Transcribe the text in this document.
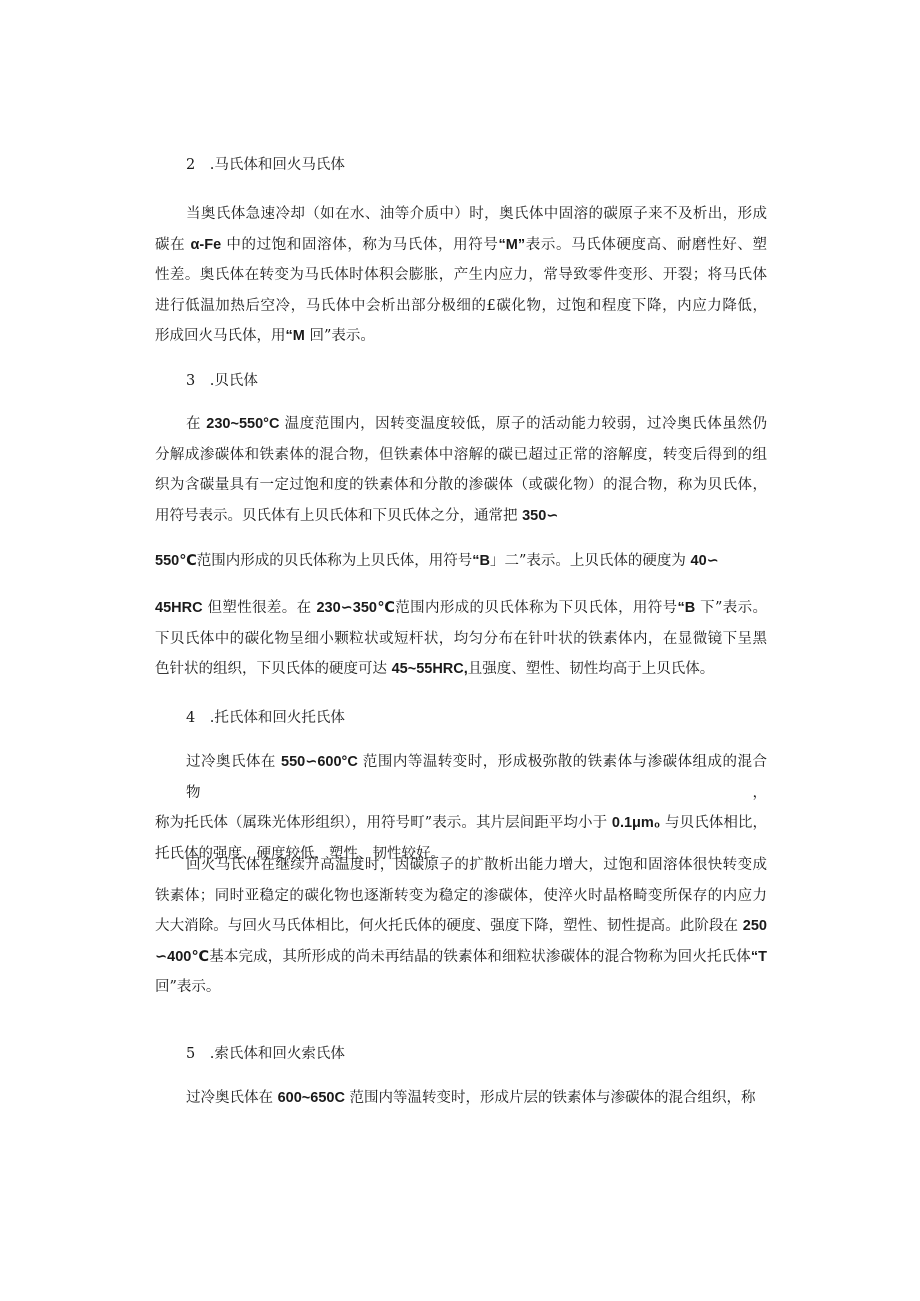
2　.马氏体和回火马氏体
当奥氏体急速冷却（如在水、油等介质中）时，奥氏体中固溶的碳原子来不及析出，形成
碳在 α-Fe 中的过饱和固溶体，称为马氏体，用符号“M”表示。马氏体硬度高、耐磨性好、塑
性差。奥氏体在转变为马氏体时体积会膨胀，产生内应力，常导致零件变形、开裂；将马氏体
进行低温加热后空冷，马氏体中会析出部分极细的£碳化物，过饱和程度下降，内应力降低，
形成回火马氏体，用“M 回”表示。
3　.贝氏体
在 230~550°C 温度范围内，因转变温度较低，原子的活动能力较弱，过冷奥氏体虽然仍
分解成渗碳体和铁素体的混合物，但铁素体中溶解的碳已超过正常的溶解度，转变后得到的组
织为含碳量具有一定过饱和度的铁素体和分散的渗碳体（或碳化物）的混合物，称为贝氏体，
用符号表示。贝氏体有上贝氏体和下贝氏体之分，通常把 350∽
550℃范围内形成的贝氏体称为上贝氏体，用符号“B」二”表示。上贝氏体的硬度为 40∽
45HRC 但塑性很差。在 230∽350℃范围内形成的贝氏体称为下贝氏体，用符号“B 下”表示。
下贝氏体中的碳化物呈细小颗粒状或短杆状，均匀分布在针叶状的铁素体内，在显微镜下呈黑
色针状的组织，下贝氏体的硬度可达 45~55HRC,且强度、塑性、韧性均高于上贝氏体。
4　.托氏体和回火托氏体
过冷奥氏体在 550∽600°C 范围内等温转变时，形成极弥散的铁素体与渗碳体组成的混合物，
称为托氏体（属珠光体形组织），用符号町”表示。其片层间距平均小于 0.1μm₀ 与贝氏体相比，
托氏体的强度、硬度较低，塑性、韧性较好。
回火马氏体在继续升高温度时，因碳原子的扩散析出能力增大，过饱和固溶体很快转变成
铁素体；同时亚稳定的碳化物也逐渐转变为稳定的渗碳体，使淬火时晶格畸变所保存的内应力
大大消除。与回火马氏体相比，何火托氏体的硬度、强度下降，塑性、韧性提高。此阶段在 250
∽400℃基本完成，其所形成的尚未再结晶的铁素体和细粒状渗碳体的混合物称为回火托氏体“T
回”表示。
5　.索氏体和回火索氏体
过冷奥氏体在 600~650C 范围内等温转变时，形成片层的铁素体与渗碳体的混合组织，称
